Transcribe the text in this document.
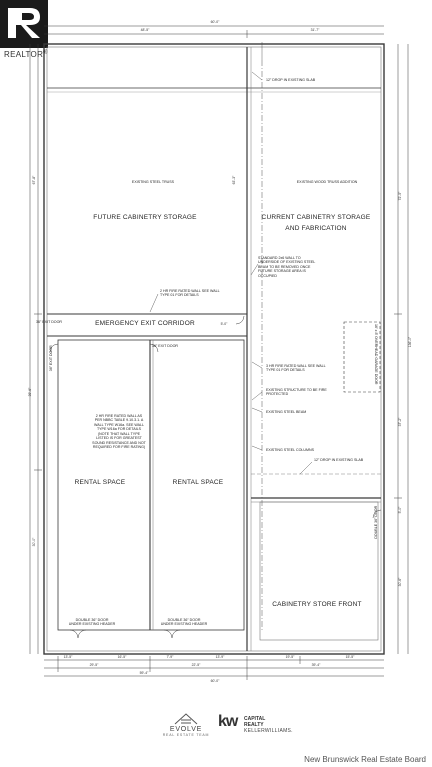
REALTOR®
FUTURE CABINETRY STORAGE	CURRENT CABINETRY STORAGE
AND FABRICATION
EMERGENCY EXIT CORRIDOR
RENTAL SPACE	RENTAL SPACE
CABINETRY STORE FRONT
EXISTING STEEL TRUSS	EXISTING WOOD TRUSS ADDITION
12" DROP IN EXISTING SLAB
STANDARD 2x6 WALL TO UNDERSIDE OF EXISTING STEEL BEAM TO BE REMOVED ONCE FUTURE STORAGE AREA IS OCCUPIED
2 HR FIRE RATED WALL SEE WALL TYPE 01 FOR DETAILS
3 HR FIRE RATED WALL SEE WALL TYPE 01 FOR DETAILS
EXISTING STRUCTURE TO BE FIRE PROTECTED
EXISTING STEEL BEAM
EXISTING STEEL COLUMNS
12" DROP IN EXISTING SLAB
2 HR FIRE RATED WALL AS PER NBBC TABLE 9.10.3.1. A WALL TYPE W16a. SEE WALL TYPE W16a FOR DETAILS (NOTE THAT WALL TYPE LISTED IS FOR GREATEST SOUND RESISTANCE AND NOT REQUIRED FOR FIRE RATING)
36" EXIT DOOR
36" EXIT DOOR	36" EXIT DOOR	16' x 8' OVERHEAD GARAGE DOOR
DOUBLE 36" DOOR
DOUBLE 36" DOOR
UNDER EXISTING HEADER
DOUBLE 36" DOOR
UNDER EXISTING HEADER
60'-0"
48'-5"	31'-7"
67'-8"
39'-6"
30'-0"
136'-0"
72'-5"
37'-2"
30'-6"
5'-0"
63'-3"
5'-0"
13'-5"	16'-5"	7'-9"	13'-9"	19'-5"	15'-5"
29'-5"	22'-5"	39'-4"
59'-4"
60'-0"
EVOLVE
REAL ESTATE TEAM
kw CAPITAL
REALTY
KELLERWILLIAMS.
New Brunswick Real Estate Board
